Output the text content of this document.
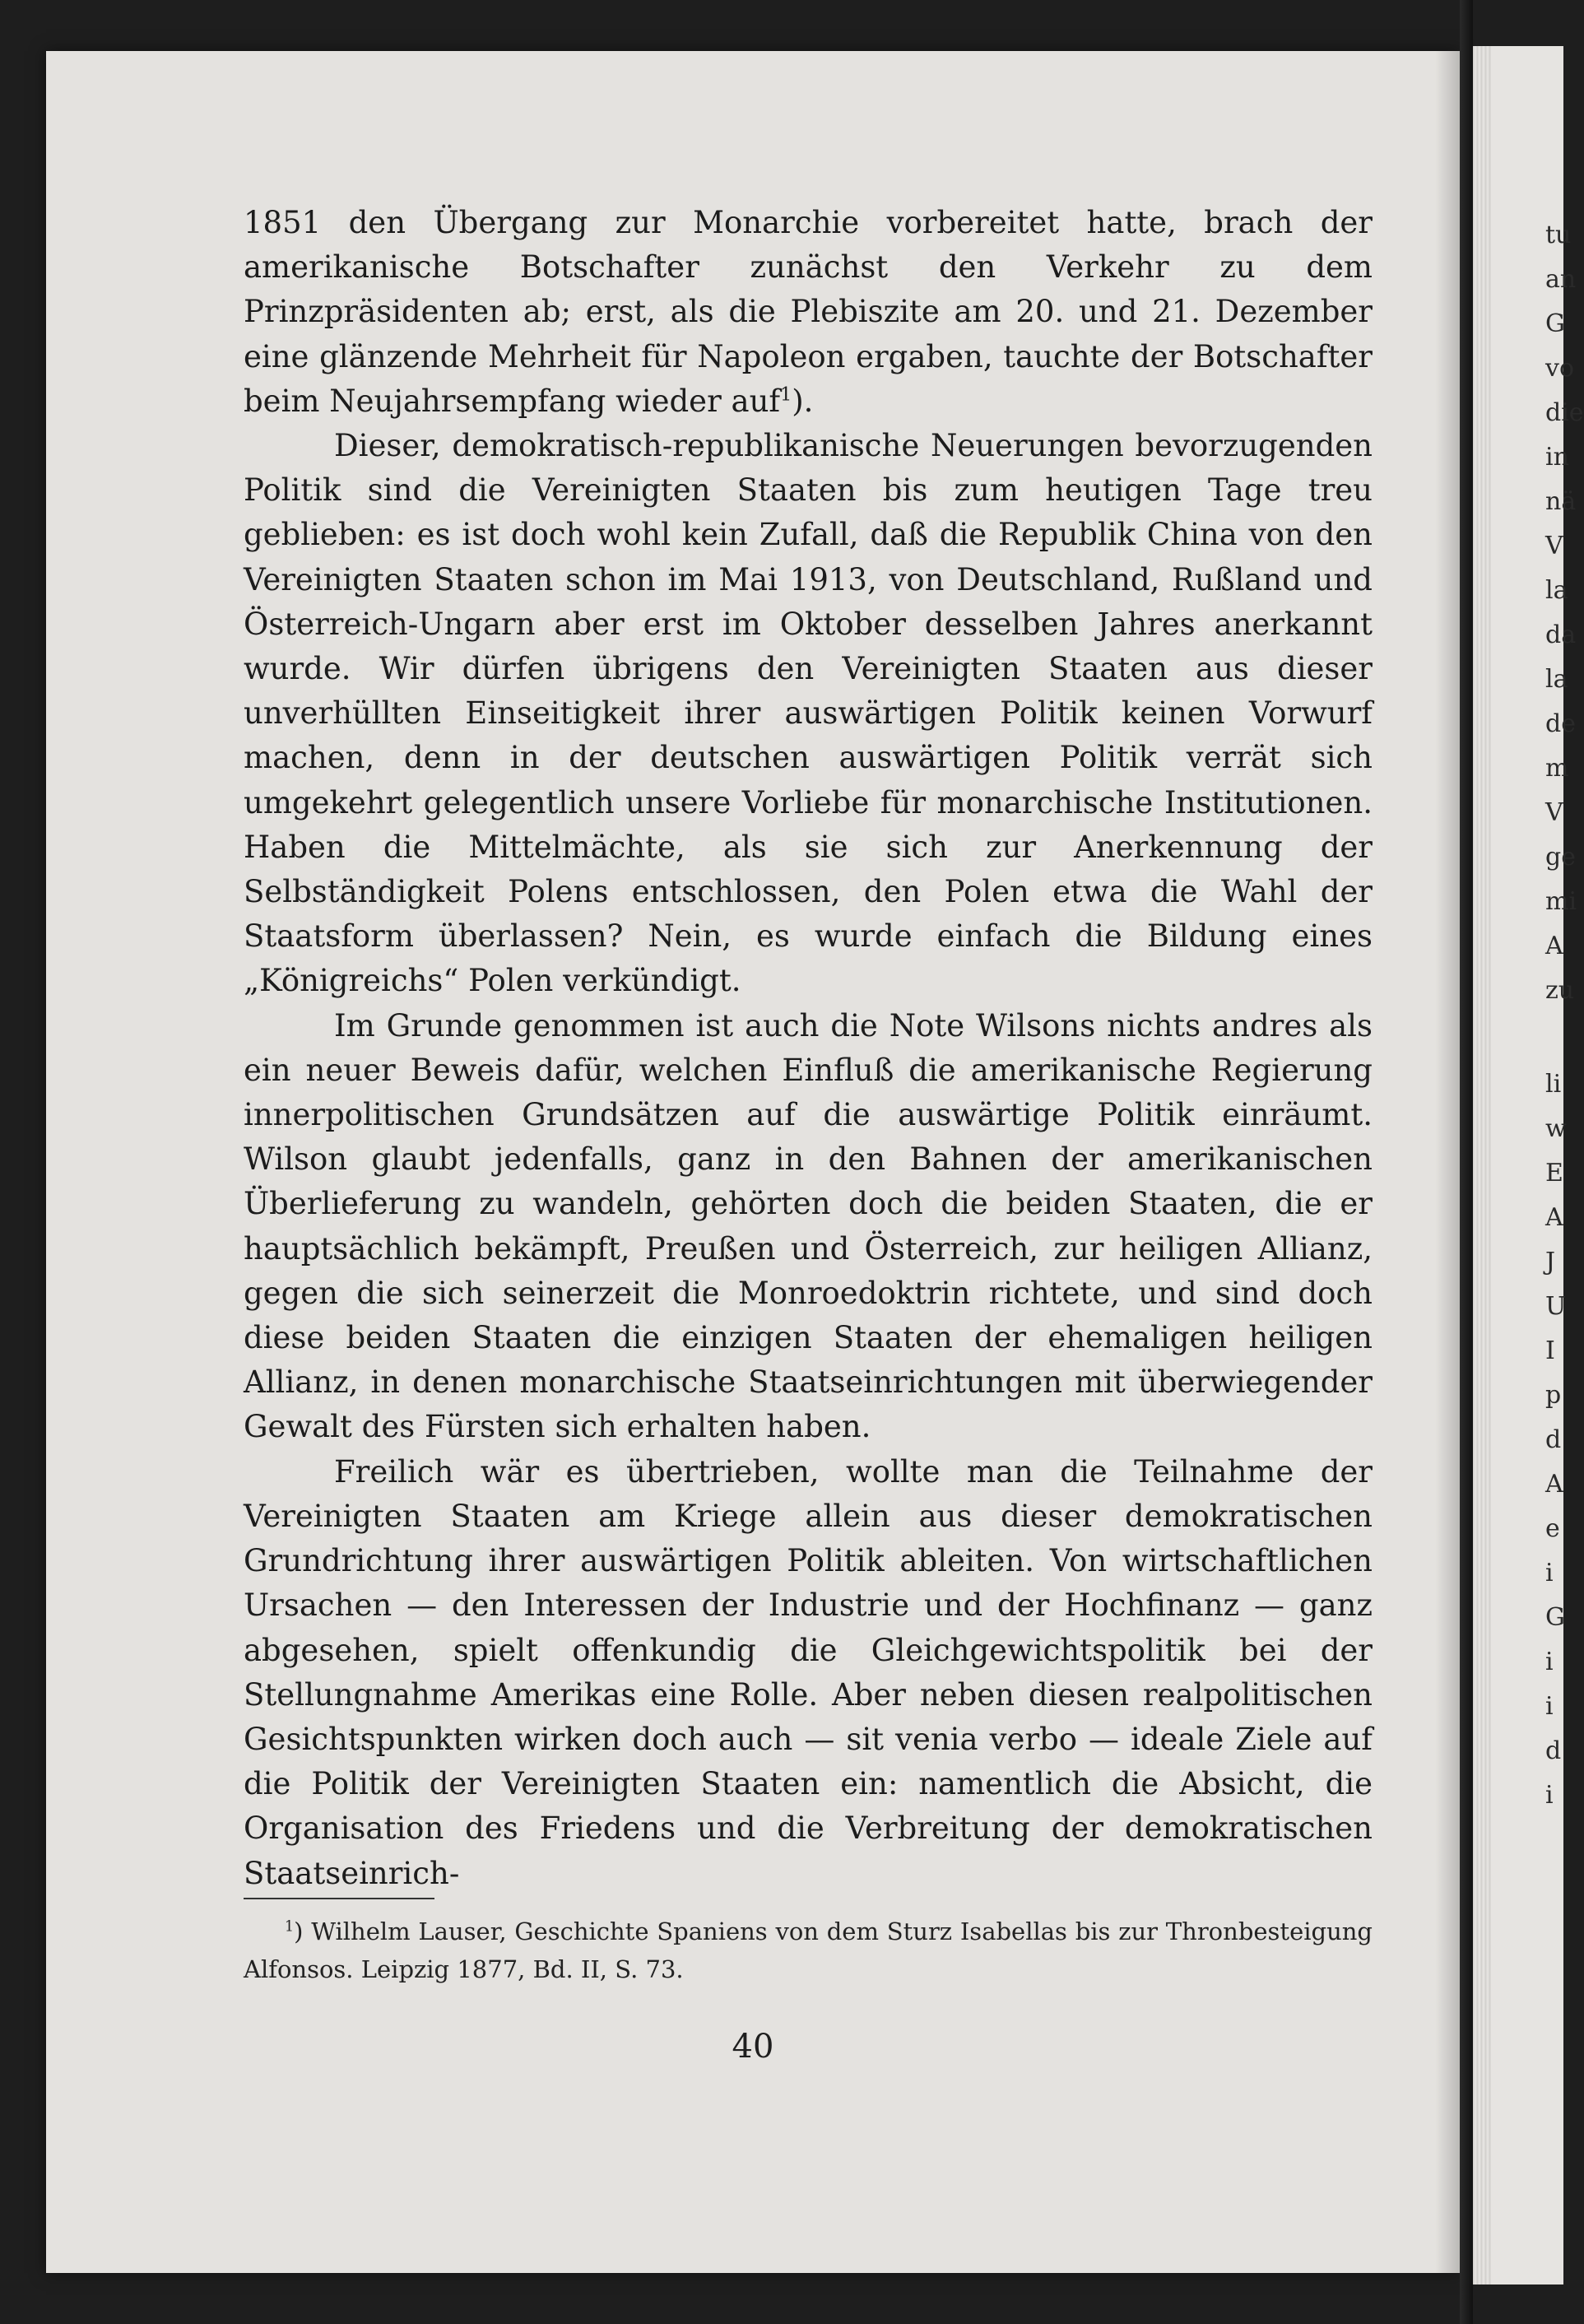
1851 den Übergang zur Monarchie vorbereitet hatte, brach der amerikanische Botschafter zunächst den Verkehr zu dem Prinzpräsidenten ab; erst, als die Plebiszite am 20. und 21. Dezember eine glänzende Mehrheit für Napoleon ergaben, tauchte der Botschafter beim Neujahrsempfang wieder auf$^1$).

Dieser, demokratisch-republikanische Neuerungen bevorzugenden Politik sind die Vereinigten Staaten bis zum heutigen Tage treu geblieben: es ist doch wohl kein Zufall, daß die Republik China von den Vereinigten Staaten schon im Mai 1913, von Deutschland, Rußland und Österreich-Ungarn aber erst im Oktober desselben Jahres anerkannt wurde. Wir dürfen übrigens den Vereinigten Staaten aus dieser unverhüllten Einseitigkeit ihrer auswärtigen Politik keinen Vorwurf machen, denn in der deutschen auswärtigen Politik verrät sich umgekehrt gelegentlich unsere Vorliebe für monarchische Institutionen. Haben die Mittelmächte, als sie sich zur Anerkennung der Selbständigkeit Polens entschlossen, den Polen etwa die Wahl der Staatsform überlassen? Nein, es wurde einfach die Bildung eines „Königreichs“ Polen verkündigt.

Im Grunde genommen ist auch die Note Wilsons nichts andres als ein neuer Beweis dafür, welchen Einfluß die amerikanische Regierung innerpolitischen Grundsätzen auf die auswärtige Politik einräumt. Wilson glaubt jedenfalls, ganz in den Bahnen der amerikanischen Überlieferung zu wandeln, gehörten doch die beiden Staaten, die er hauptsächlich bekämpft, Preußen und Österreich, zur heiligen Allianz, gegen die sich seinerzeit die Monroedoktrin richtete, und sind doch diese beiden Staaten die einzigen Staaten der ehemaligen heiligen Allianz, in denen monarchische Staatseinrichtungen mit überwiegender Gewalt des Fürsten sich erhalten haben.

Freilich wär es übertrieben, wollte man die Teilnahme der Vereinigten Staaten am Kriege allein aus dieser demokratischen Grundrichtung ihrer auswärtigen Politik ableiten. Von wirtschaftlichen Ursachen — den Interessen der Industrie und der Hochfinanz — ganz abgesehen, spielt offenkundig die Gleichgewichtspolitik bei der Stellungnahme Amerikas eine Rolle. Aber neben diesen realpolitischen Gesichtspunkten wirken doch auch — sit venia verbo — ideale Ziele auf die Politik der Vereinigten Staaten ein: namentlich die Absicht, die Organisation des Friedens und die Verbreitung der demokratischen Staatseinrich-

$^1$) Wilhelm Lauser, Geschichte Spaniens von dem Sturz Isabellas bis zur Thronbesteigung Alfonsos. Leipzig 1877, Bd. II, S. 73.

40
tu
an
G
vo
die
in
nä
V
la
da
la
de
m
V
ge
mi
A
zu
li
w
E
A
J
U
I
p
d
A
e
i
G
i
i
d
i
